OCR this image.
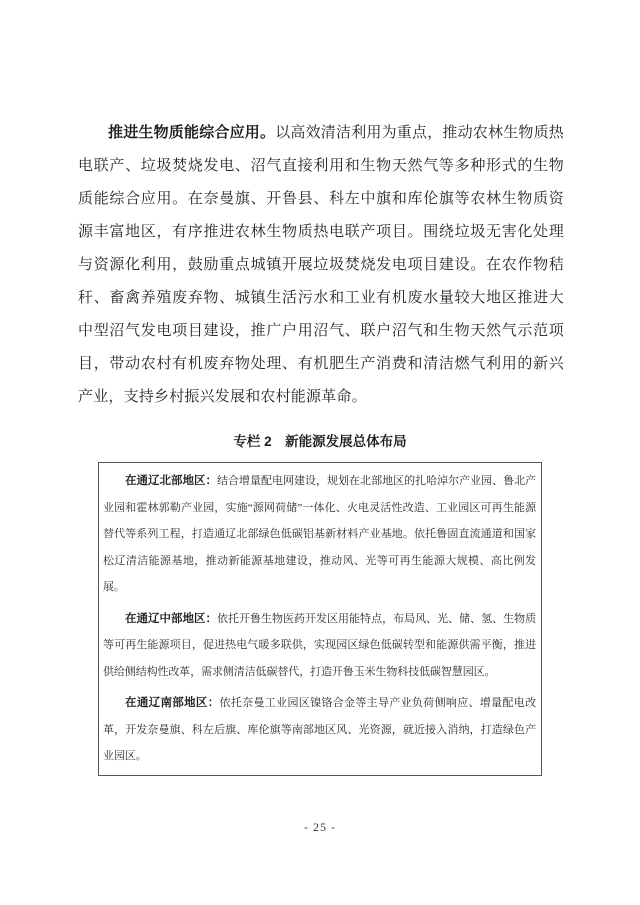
推进生物质能综合应用。以高效清洁利用为重点，推动农林生物质热电联产、垃圾焚烧发电、沼气直接利用和生物天然气等多种形式的生物质能综合应用。在奈曼旗、开鲁县、科左中旗和库伦旗等农林生物质资源丰富地区，有序推进农林生物质热电联产项目。围绕垃圾无害化处理与资源化利用，鼓励重点城镇开展垃圾焚烧发电项目建设。在农作物秸秆、畜禽养殖废弃物、城镇生活污水和工业有机废水量较大地区推进大中型沼气发电项目建设，推广户用沼气、联户沼气和生物天然气示范项目，带动农村有机废弃物处理、有机肥生产消费和清洁燃气利用的新兴产业，支持乡村振兴发展和农村能源革命。

专栏 2 新能源发展总体布局

在通辽北部地区：结合增量配电网建设，规划在北部地区的扎哈淖尔产业园、鲁北产业园和霍林郭勒产业园，实施“源网荷储”一体化、火电灵活性改造、工业园区可再生能源替代等系列工程，打造通辽北部绿色低碳铝基新材料产业基地。依托鲁固直流通道和国家松辽清洁能源基地，推动新能源基地建设，推动风、光等可再生能源大规模、高比例发展。

在通辽中部地区：依托开鲁生物医药开发区用能特点，布局风、光、储、氢、生物质等可再生能源项目，促进热电气暖多联供，实现园区绿色低碳转型和能源供需平衡，推进供给侧结构性改革，需求侧清洁低碳替代，打造开鲁玉米生物科技低碳智慧园区。

在通辽南部地区：依托奈曼工业园区镍铬合金等主导产业负荷侧响应、增量配电改革，开发奈曼旗、科左后旗、库伦旗等南部地区风、光资源，就近接入消纳，打造绿色产业园区。

- 25 -
